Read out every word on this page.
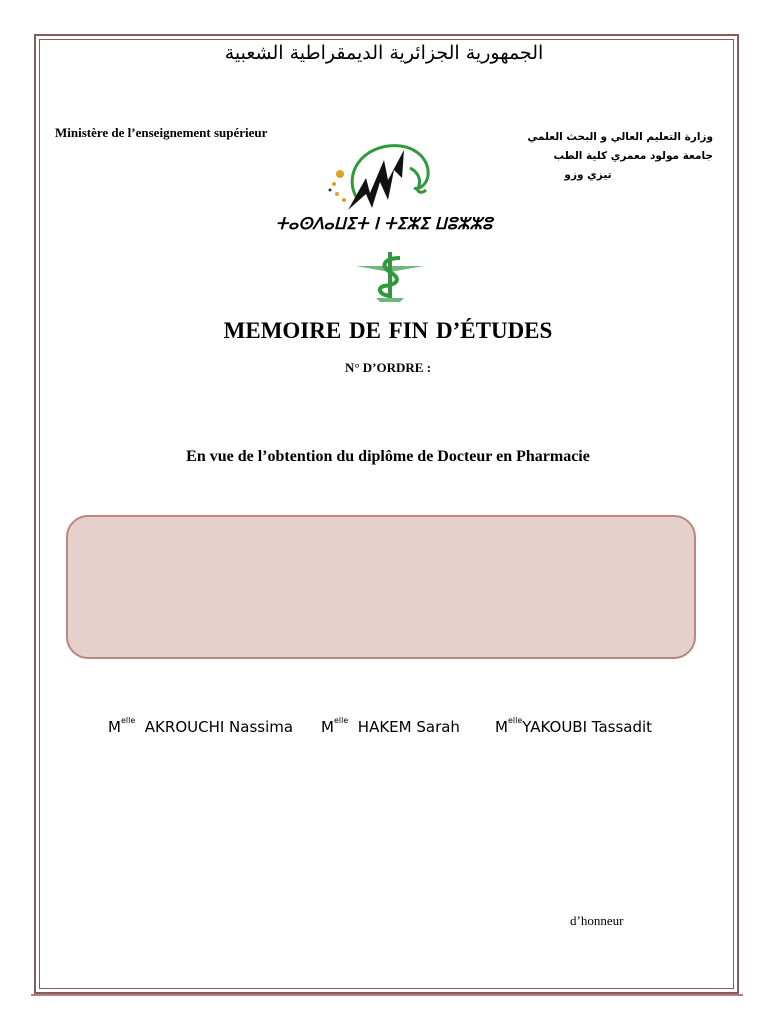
الجمهورية الجزائرية الديمقراطية الشعبية
Ministère de l’enseignement supérieur	وزارة التعليم العالي و البحث العلمي
جامعة مولود معمري كلية الطب
تيزي وزو
ⵜⴰⵙⴷⴰⵡⵉⵜ ⵏ ⵜⵉⵣⵉ ⵡⵓⵣⵣⵓ
MEMOIRE DE FIN D’ÉTUDES
N° D’ORDRE :
En vue de l’obtention du diplôme de Docteur en Pharmacie
$M^{elle}$ AKROUCHI Nassima $M^{elle}$ HAKEM Sarah $M^{elle}YAKOUBI$ Tassadit
d’honneur
